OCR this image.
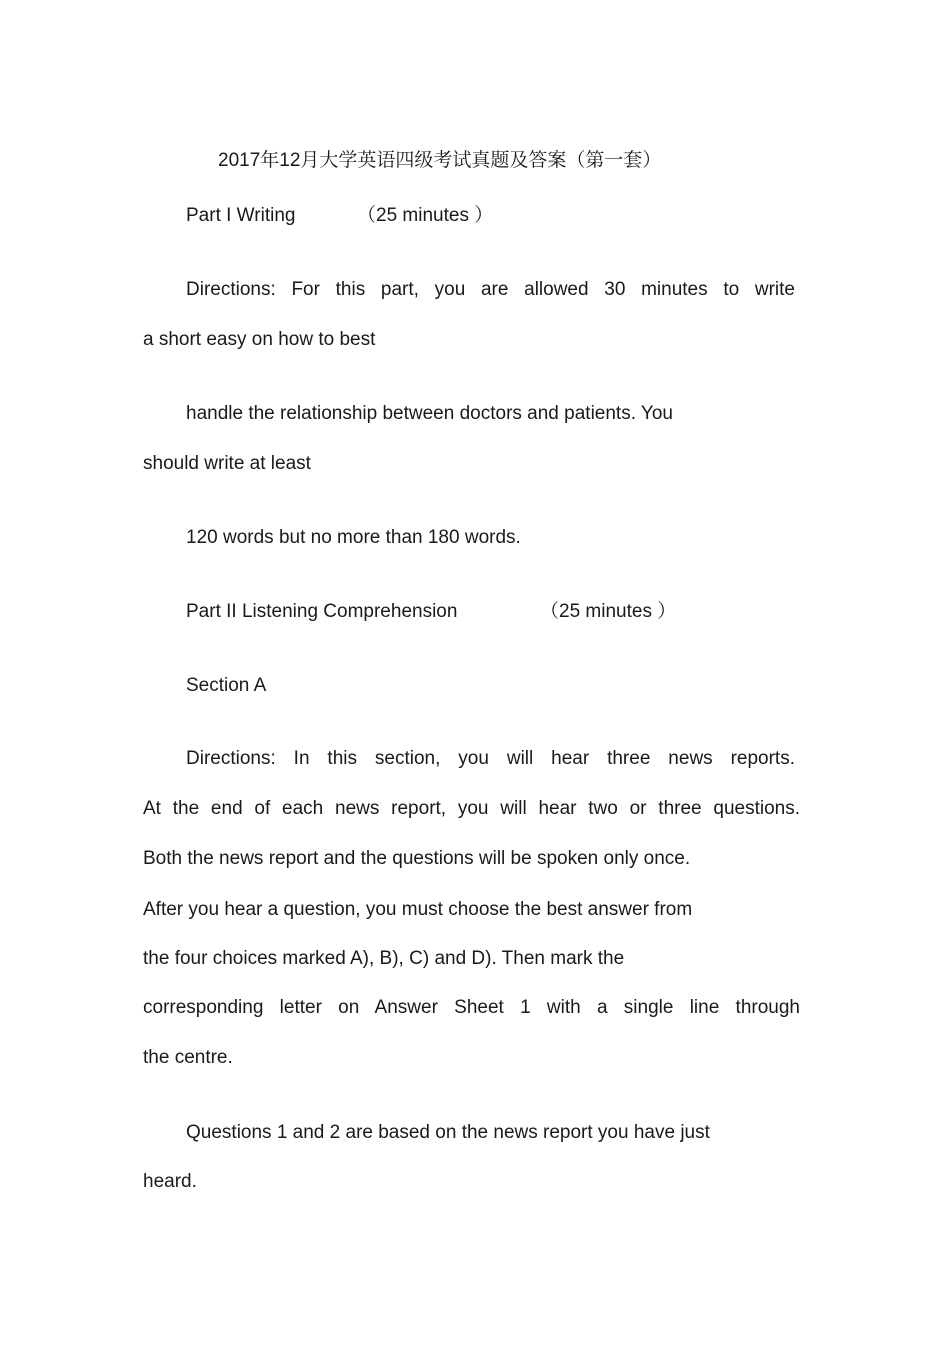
2017年12月大学英语四级考试真题及答案（第一套）

Part I Writing	（25 minutes ）

Directions: For this part, you are allowed 30 minutes to write

a short easy on how to best

handle the relationship between doctors and patients. You

should write at least

120 words but no more than 180 words.

Part II Listening Comprehension	（25 minutes ）

Section A

Directions: In this section, you will hear three news reports.

At the end of each news report, you will hear two or three questions.

Both the news report and the questions will be spoken only once.

After you hear a question, you must choose the best answer from

the four choices marked A), B), C) and D). Then mark the

corresponding letter on Answer Sheet 1 with a single line through

the centre.

Questions 1 and 2 are based on the news report you have just

heard.
